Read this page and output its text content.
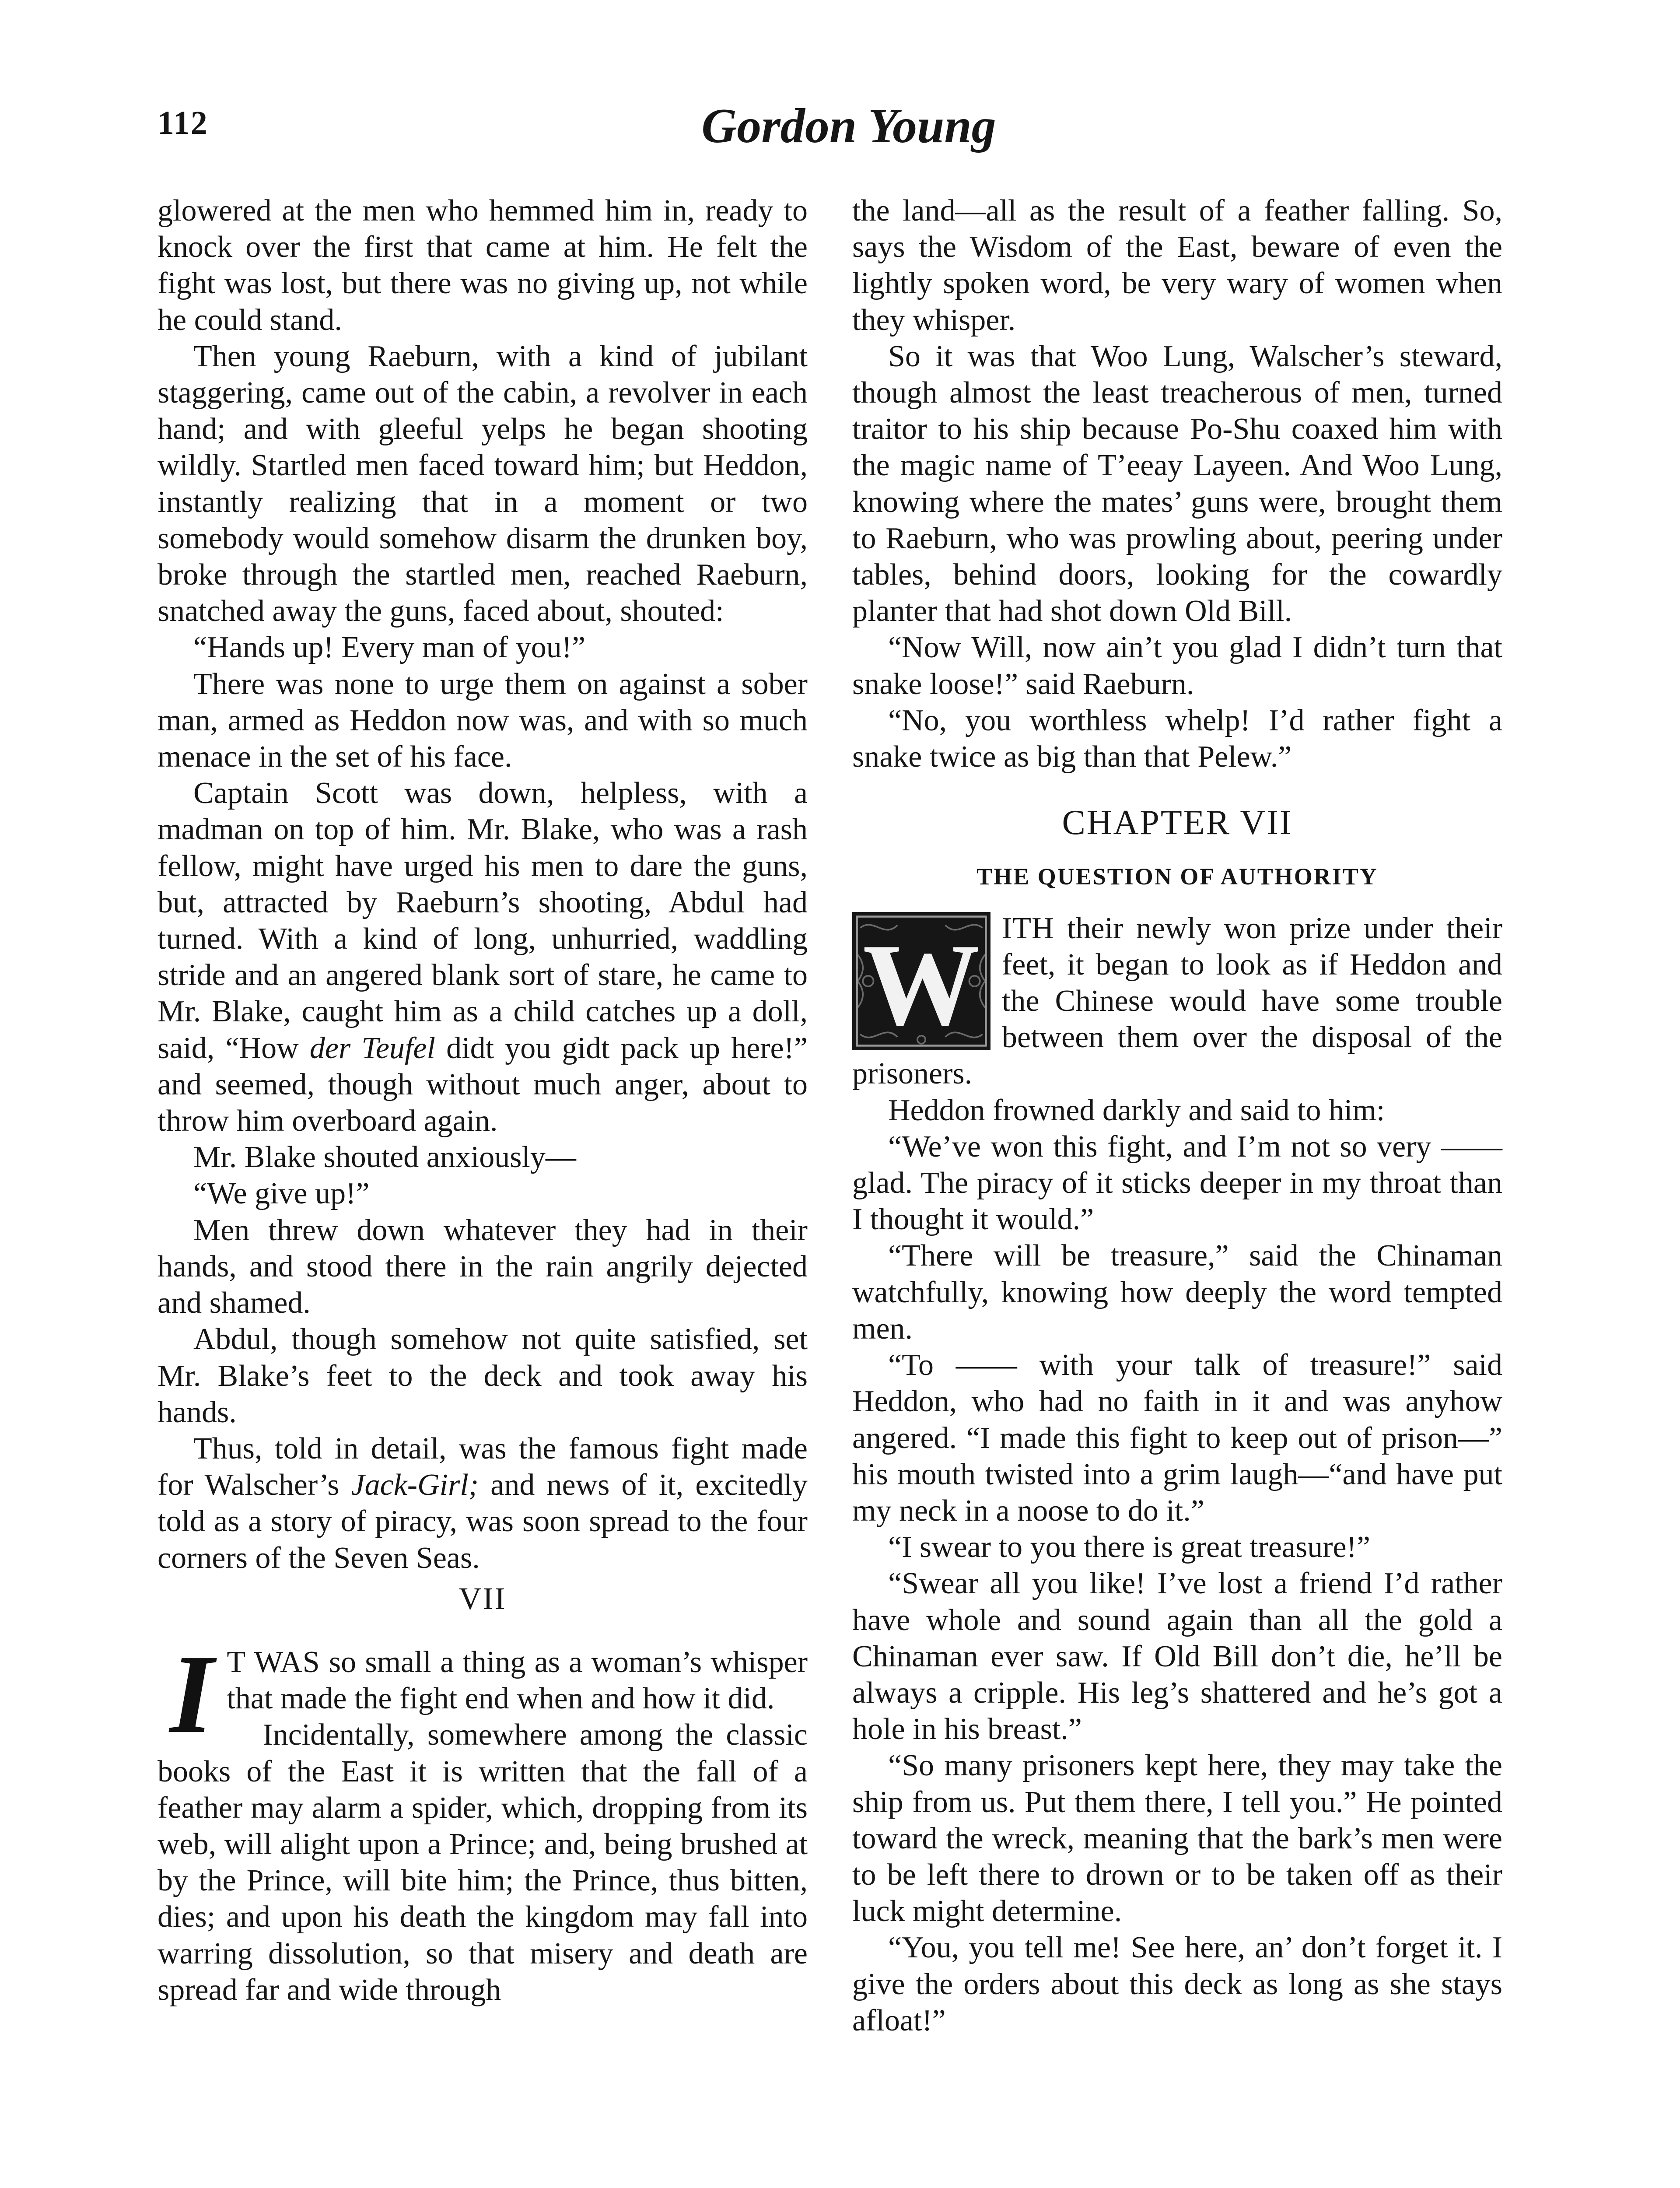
112	Gordon Young

glowered at the men who hemmed him in, ready to knock over the first that came at him. He felt the fight was lost, but there was no giving up, not while he could stand.

Then young Raeburn, with a kind of jubilant staggering, came out of the cabin, a revolver in each hand; and with gleeful yelps he began shooting wildly. Startled men faced toward him; but Heddon, instantly realizing that in a moment or two somebody would somehow disarm the drunken boy, broke through the startled men, reached Raeburn, snatched away the guns, faced about, shouted:

“Hands up! Every man of you!”

There was none to urge them on against a sober man, armed as Heddon now was, and with so much menace in the set of his face.

Captain Scott was down, helpless, with a madman on top of him. Mr. Blake, who was a rash fellow, might have urged his men to dare the guns, but, attracted by Raeburn’s shooting, Abdul had turned. With a kind of long, unhurried, waddling stride and an angered blank sort of stare, he came to Mr. Blake, caught him as a child catches up a doll, said, “How der Teufel didt you gidt pack up here!” and seemed, though without much anger, about to throw him overboard again.

Mr. Blake shouted anxiously—

“We give up!”

Men threw down whatever they had in their hands, and stood there in the rain angrily dejected and shamed.

Abdul, though somehow not quite satisfied, set Mr. Blake’s feet to the deck and took away his hands.

Thus, told in detail, was the famous fight made for Walscher’s Jack-Girl; and news of it, excitedly told as a story of piracy, was soon spread to the four corners of the Seven Seas.

VII

I T WAS so small a thing as a woman’s whisper that made the fight end when and how it did.

Incidentally, somewhere among the classic books of the East it is written that the fall of a feather may alarm a spider, which, dropping from its web, will alight upon a Prince; and, being brushed at by the Prince, will bite him; the Prince, thus bitten, dies; and upon his death the kingdom may fall into warring dissolution, so that misery and death are spread far and wide through

the land—all as the result of a feather falling. So, says the Wisdom of the East, beware of even the lightly spoken word, be very wary of women when they whisper.

So it was that Woo Lung, Walscher’s steward, though almost the least treacherous of men, turned traitor to his ship because Po-Shu coaxed him with the magic name of T’eeay Layeen. And Woo Lung, knowing where the mates’ guns were, brought them to Raeburn, who was prowling about, peering under tables, behind doors, looking for the cowardly planter that had shot down Old Bill.

“Now Will, now ain’t you glad I didn’t turn that snake loose!” said Raeburn.

“No, you worthless whelp! I’d rather fight a snake twice as big than that Pelew.”

CHAPTER VII

THE QUESTION OF AUTHORITY

W ITH their newly won prize under their feet, it began to look as if Heddon and the Chinese would have some trouble between them over the disposal of the prisoners.

Heddon frowned darkly and said to him:

“We’ve won this fight, and I’m not so very —— glad. The piracy of it sticks deeper in my throat than I thought it would.”

“There will be treasure,” said the Chinaman watchfully, knowing how deeply the word tempted men.

“To —— with your talk of treasure!” said Heddon, who had no faith in it and was anyhow angered. “I made this fight to keep out of prison—” his mouth twisted into a grim laugh—“and have put my neck in a noose to do it.”

“I swear to you there is great treasure!”

“Swear all you like! I’ve lost a friend I’d rather have whole and sound again than all the gold a Chinaman ever saw. If Old Bill don’t die, he’ll be always a cripple. His leg’s shattered and he’s got a hole in his breast.”

“So many prisoners kept here, they may take the ship from us. Put them there, I tell you.” He pointed toward the wreck, meaning that the bark’s men were to be left there to drown or to be taken off as their luck might determine.

“You, you tell me! See here, an’ don’t forget it. I give the orders about this deck as long as she stays afloat!”
